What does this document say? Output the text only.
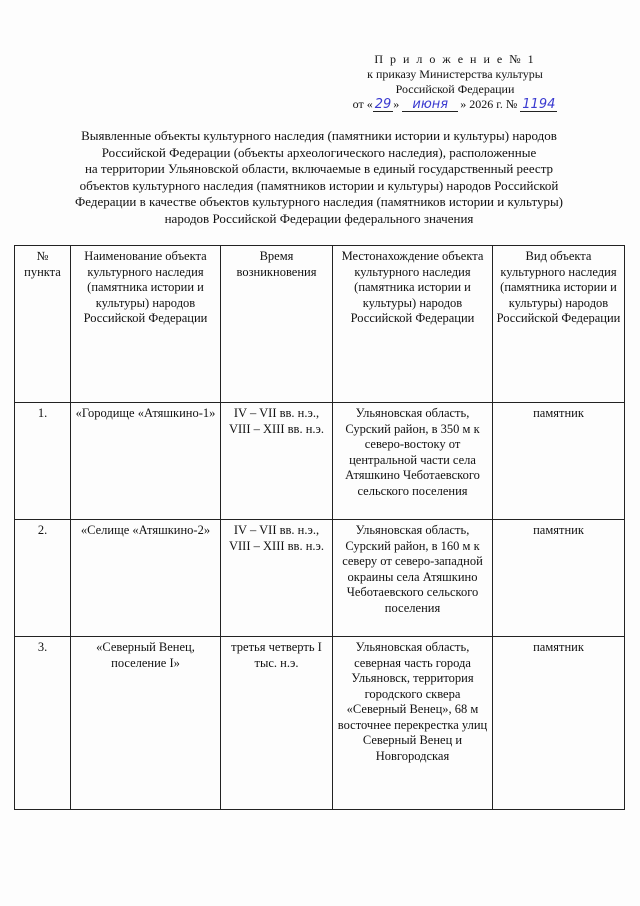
П р и л о ж е н и е № 1
к приказу Министерства культуры
Российской Федерации
от « 29 » июня » 2026 г. № 1194
Выявленные объекты культурного наследия (памятники истории и культуры) народов
Российской Федерации (объекты археологического наследия), расположенные
на территории Ульяновской области, включаемые в единый государственный реестр
объектов культурного наследия (памятников истории и культуры) народов Российской
Федерации в качестве объектов культурного наследия (памятников истории и культуры)
народов Российской Федерации федерального значения
№ пункта	Наименование объекта культурного наследия (памятника истории и культуры) народов Российской Федерации	Время возникновения	Местонахождение объекта культурного наследия (памятника истории и культуры) народов Российской Федерации	Вид объекта культурного наследия (памятника истории и культуры) народов Российской Федерации
1.	«Городище «Атяшкино-1»	IV – VII вв. н.э., VIII – XIII вв. н.э.	Ульяновская область, Сурский район, в 350 м к северо-востоку от центральной части села Атяшкино Чеботаевского сельского поселения	памятник
2.	«Селище «Атяшкино-2»	IV – VII вв. н.э., VIII – XIII вв. н.э.	Ульяновская область, Сурский район, в 160 м к северу от северо-западной окраины села Атяшкино Чеботаевского сельского поселения	памятник
3.	«Северный Венец, поселение I»	третья четверть I тыс. н.э.	Ульяновская область, северная часть города Ульяновск, территория городского сквера «Северный Венец», 68 м восточнее перекрестка улиц Северный Венец и Новгородская	памятник
